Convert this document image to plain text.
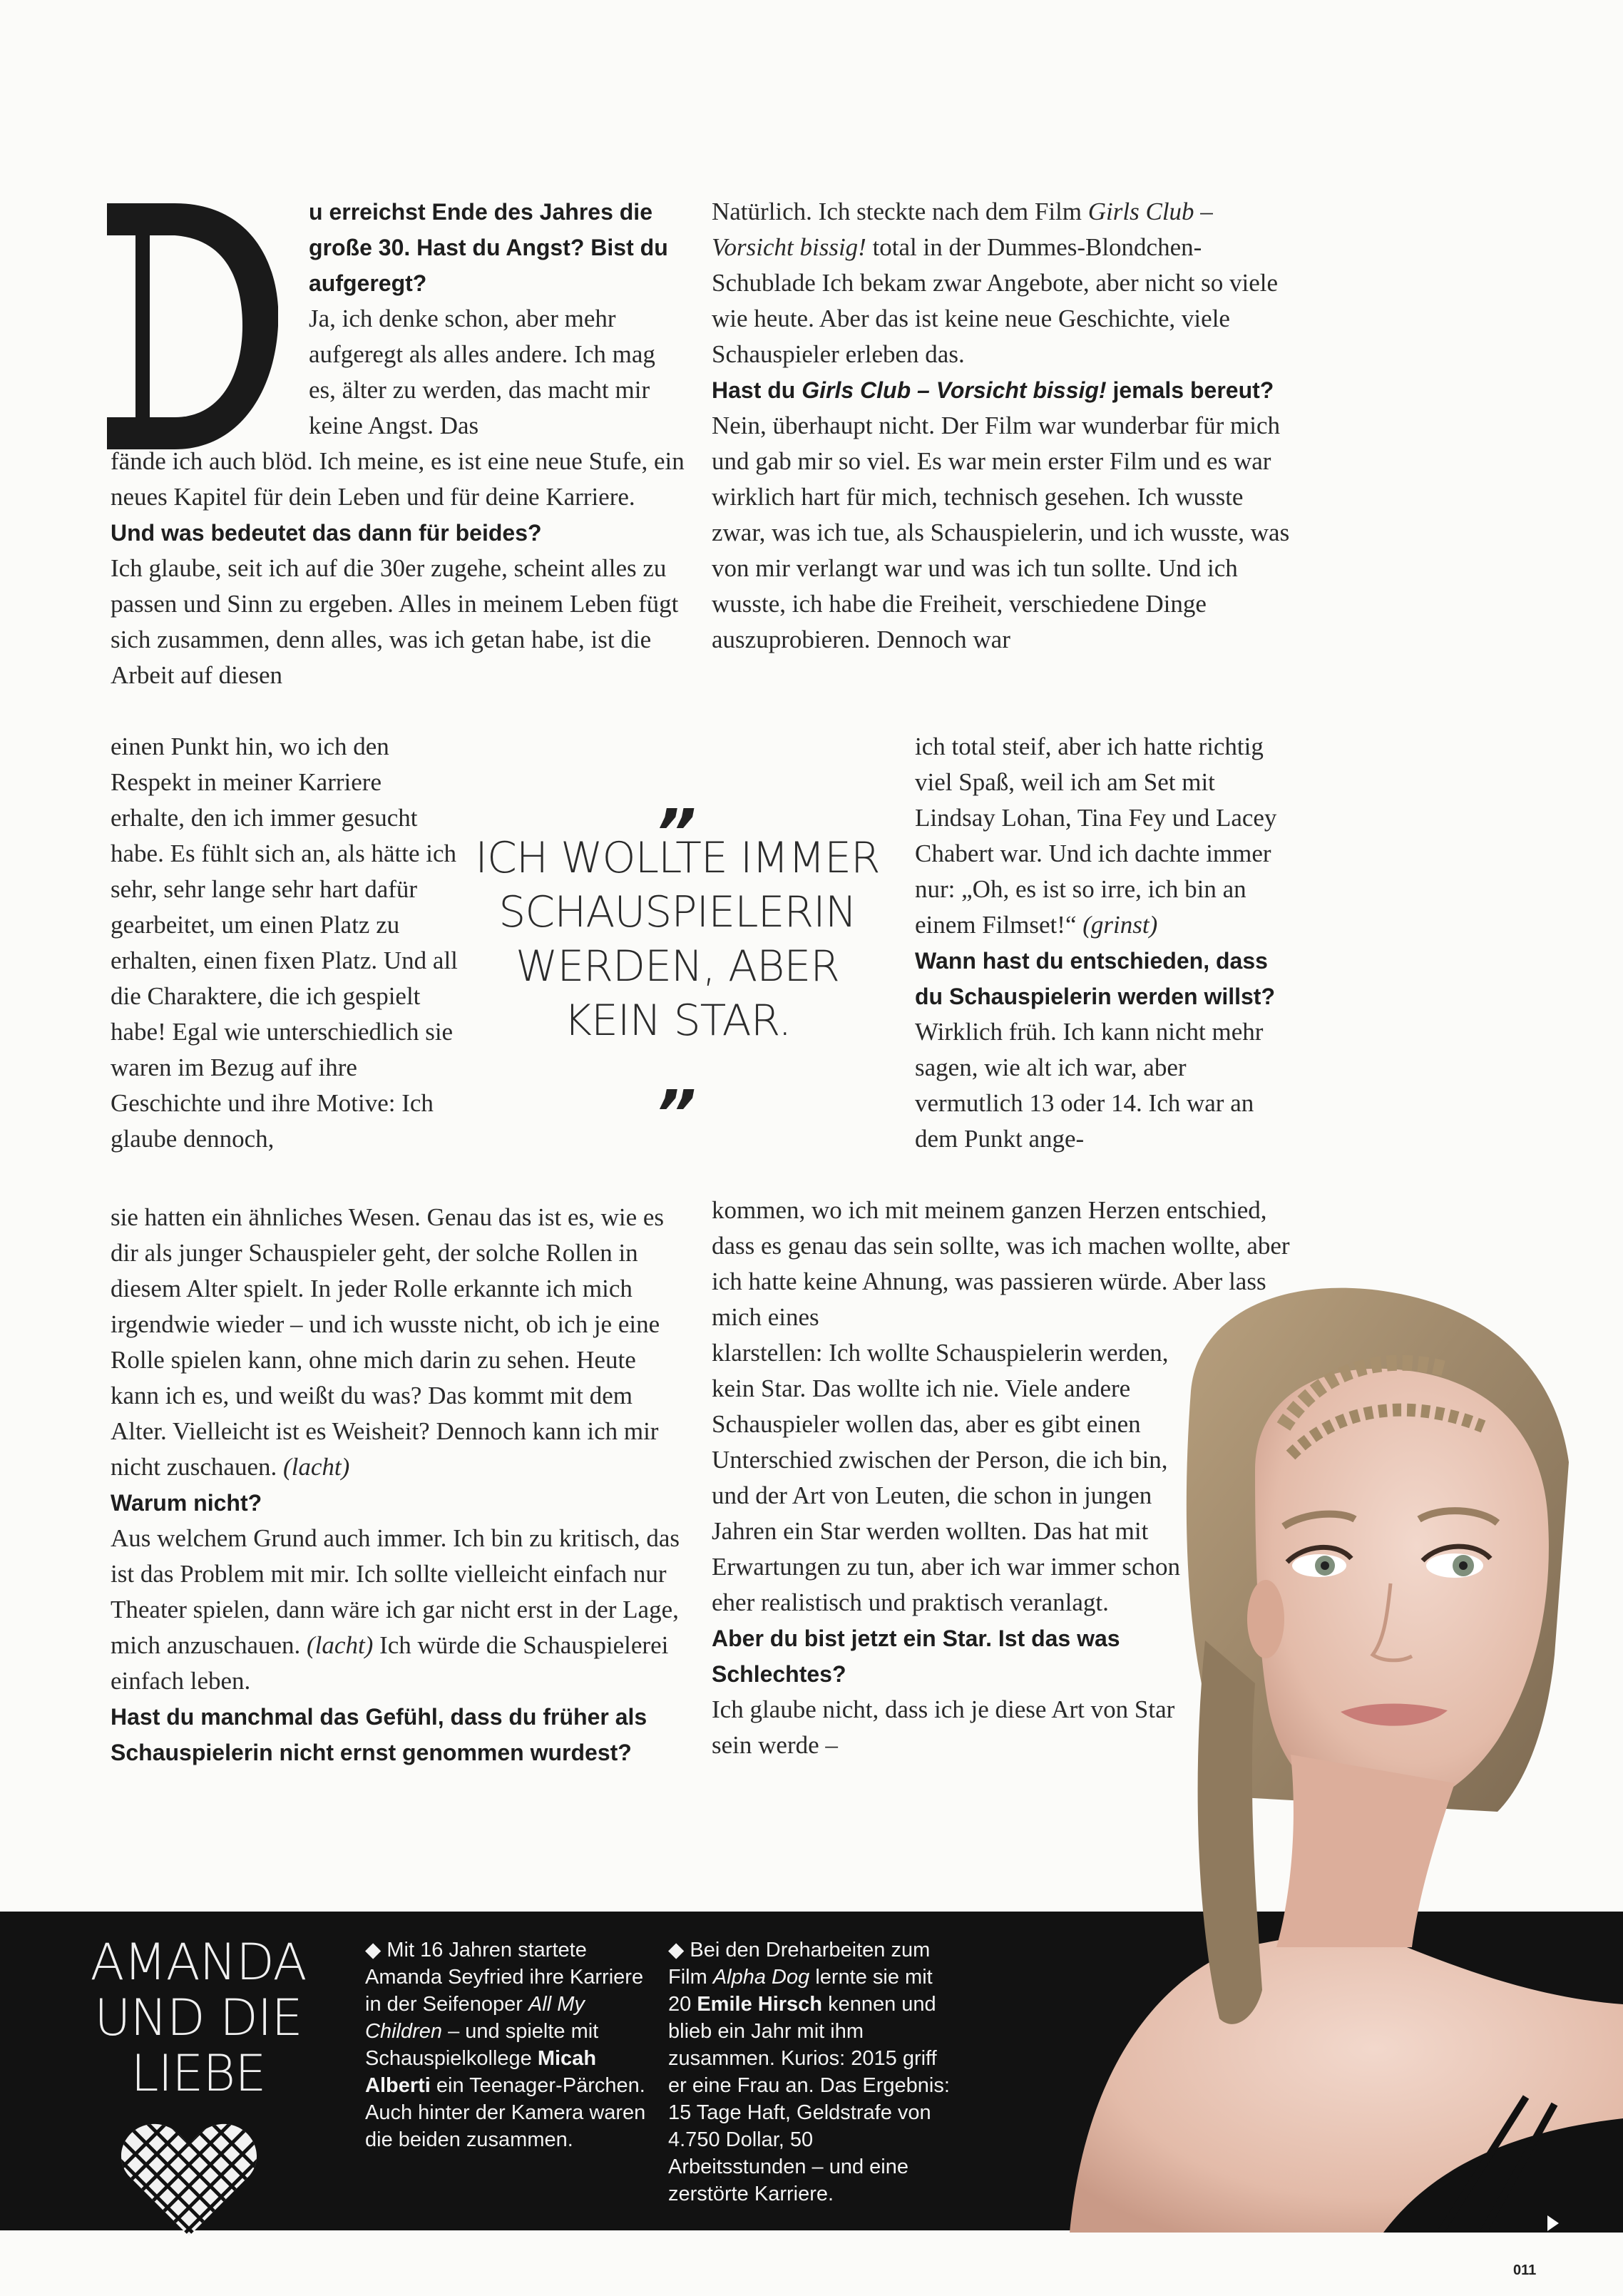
u erreichst Ende des Jahres die große 30. Hast du Angst? Bist du aufgeregt?

Ja, ich denke schon, aber mehr aufgeregt als alles andere. Ich mag es, älter zu werden, das macht mir keine Angst. Das

fände ich auch blöd. Ich meine, es ist eine neue Stufe, ein neues Kapitel für dein Leben und für deine Karriere.

Und was bedeutet das dann für beides?

Ich glaube, seit ich auf die 30er zugehe, scheint alles zu passen und Sinn zu ergeben. Alles in meinem Leben fügt sich zusammen, denn alles, was ich getan habe, ist die Arbeit auf diesen

einen Punkt hin, wo ich den Respekt in meiner Karriere erhalte, den ich immer gesucht habe. Es fühlt sich an, als hätte ich sehr, sehr lange sehr hart dafür gearbeitet, um einen Platz zu erhalten, einen fixen Platz. Und all die Charaktere, die ich gespielt habe! Egal wie unterschiedlich sie waren im Bezug auf ihre Geschichte und ihre Motive: Ich glaube dennoch,

sie hatten ein ähnliches Wesen. Genau das ist es, wie es dir als junger Schauspieler geht, der solche Rollen in diesem Alter spielt. In jeder Rolle erkannte ich mich irgendwie wieder – und ich wusste nicht, ob ich je eine Rolle spielen kann, ohne mich darin zu sehen. Heute kann ich es, und weißt du was? Das kommt mit dem Alter. Vielleicht ist es Weisheit? Dennoch kann ich mir nicht zuschauen. (lacht)

Warum nicht?

Aus welchem Grund auch immer. Ich bin zu kritisch, das ist das Problem mit mir. Ich sollte vielleicht einfach nur Theater spielen, dann wäre ich gar nicht erst in der Lage, mich anzuschauen. (lacht) Ich würde die Schauspielerei einfach leben.

Hast du manchmal das Gefühl, dass du früher als Schauspielerin nicht ernst genommen wurdest?

Natürlich. Ich steckte nach dem Film Girls Club – Vorsicht bissig! total in der Dummes-Blondchen-Schublade Ich bekam zwar Angebote, aber nicht so viele wie heute. Aber das ist keine neue Geschichte, viele Schauspieler erleben das.

Hast du Girls Club – Vorsicht bissig! jemals bereut?

Nein, überhaupt nicht. Der Film war wunderbar für mich und gab mir so viel. Es war mein erster Film und es war wirklich hart für mich, technisch gesehen. Ich wusste zwar, was ich tue, als Schauspielerin, und ich wusste, was von mir verlangt war und was ich tun sollte. Und ich wusste, ich habe die Freiheit, verschiedene Dinge auszuprobieren. Dennoch war

ich total steif, aber ich hatte richtig viel Spaß, weil ich am Set mit Lindsay Lohan, Tina Fey und Lacey Chabert war. Und ich dachte immer nur: „Oh, es ist so irre, ich bin an einem Filmset!“ (grinst)

Wann hast du entschieden, dass du Schauspielerin werden willst?

Wirklich früh. Ich kann nicht mehr sagen, wie alt ich war, aber vermutlich 13 oder 14. Ich war an dem Punkt ange-

kommen, wo ich mit meinem ganzen Herzen entschied, dass es genau das sein sollte, was ich machen wollte, aber ich hatte keine Ahnung, was passieren würde. Aber lass mich eines

klarstellen: Ich wollte Schauspielerin werden, kein Star. Das wollte ich nie. Viele andere Schauspieler wollen das, aber es gibt einen Unterschied zwischen der Person, die ich bin, und der Art von Leuten, die schon in jungen Jahren ein Star werden wollten. Das hat mit Erwartungen zu tun, aber ich war immer schon eher realistisch und praktisch veranlagt.

Aber du bist jetzt ein Star. Ist das was Schlechtes?

Ich glaube nicht, dass ich je diese Art von Star sein werde –

„
ICH WOLLTE IMMER SCHAUSPIELERIN WERDEN, ABER KEIN STAR.
„
AMANDA UND DIE LIEBE
◆ Mit 16 Jahren startete Amanda Seyfried ihre Karriere in der Seifenoper All My Children – und spielte mit Schauspielkollege Micah Alberti ein Teenager-Pärchen. Auch hinter der Kamera waren die beiden zusammen.
◆ Bei den Dreharbeiten zum Film Alpha Dog lernte sie mit 20 Emile Hirsch kennen und blieb ein Jahr mit ihm zusammen. Kurios: 2015 griff er eine Frau an. Das Ergebnis: 15 Tage Haft, Geldstrafe von 4.750 Dollar, 50 Arbeitsstunden – und eine zerstörte Karriere.
011
